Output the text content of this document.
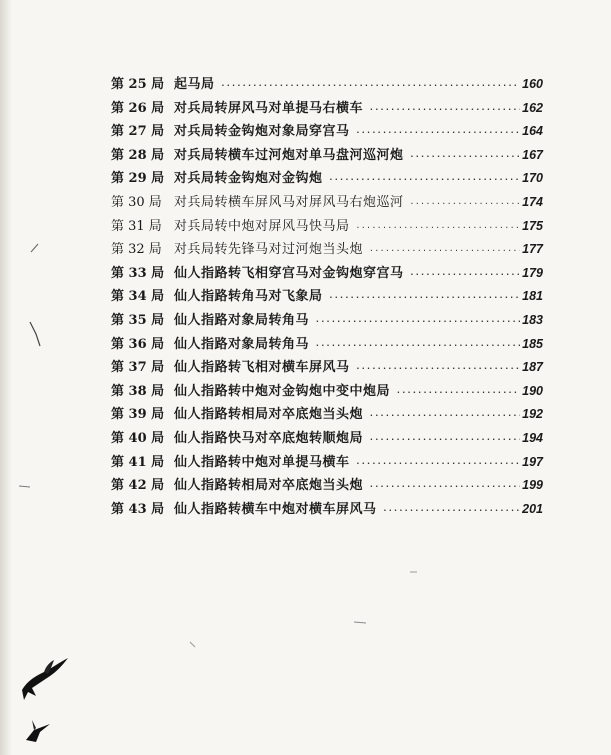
第 25 局 起马局 ·····	160
第 26 局 对兵局转屏风马对单提马右横车 ·····	162
第 27 局 对兵局转金钩炮对象局穿宫马 ·····	164
第 28 局 对兵局转横车过河炮对单马盘河巡河炮 ·····	167
第 29 局 对兵局转金钩炮对金钩炮 ·····	170
第 30 局 对兵局转横车屏风马对屏风马右炮巡河 ·····	174
第 31 局 对兵局转中炮对屏风马快马局 ·····	175
第 32 局 对兵局转先锋马对过河炮当头炮 ·····	177
第 33 局 仙人指路转飞相穿宫马对金钩炮穿宫马 ·····	179
第 34 局 仙人指路转角马对飞象局 ·····	181
第 35 局 仙人指路对象局转角马 ·····	183
第 36 局 仙人指路对象局转角马 ·····	185
第 37 局 仙人指路转飞相对横车屏风马 ·····	187
第 38 局 仙人指路转中炮对金钩炮中变中炮局 ·····	190
第 39 局 仙人指路转相局对卒底炮当头炮 ·····	192
第 40 局 仙人指路快马对卒底炮转顺炮局 ·····	194
第 41 局 仙人指路转中炮对单提马横车 ·····	197
第 42 局 仙人指路转相局对卒底炮当头炮 ·····	199
第 43 局 仙人指路转横车中炮对横车屏风马 ·····	201
